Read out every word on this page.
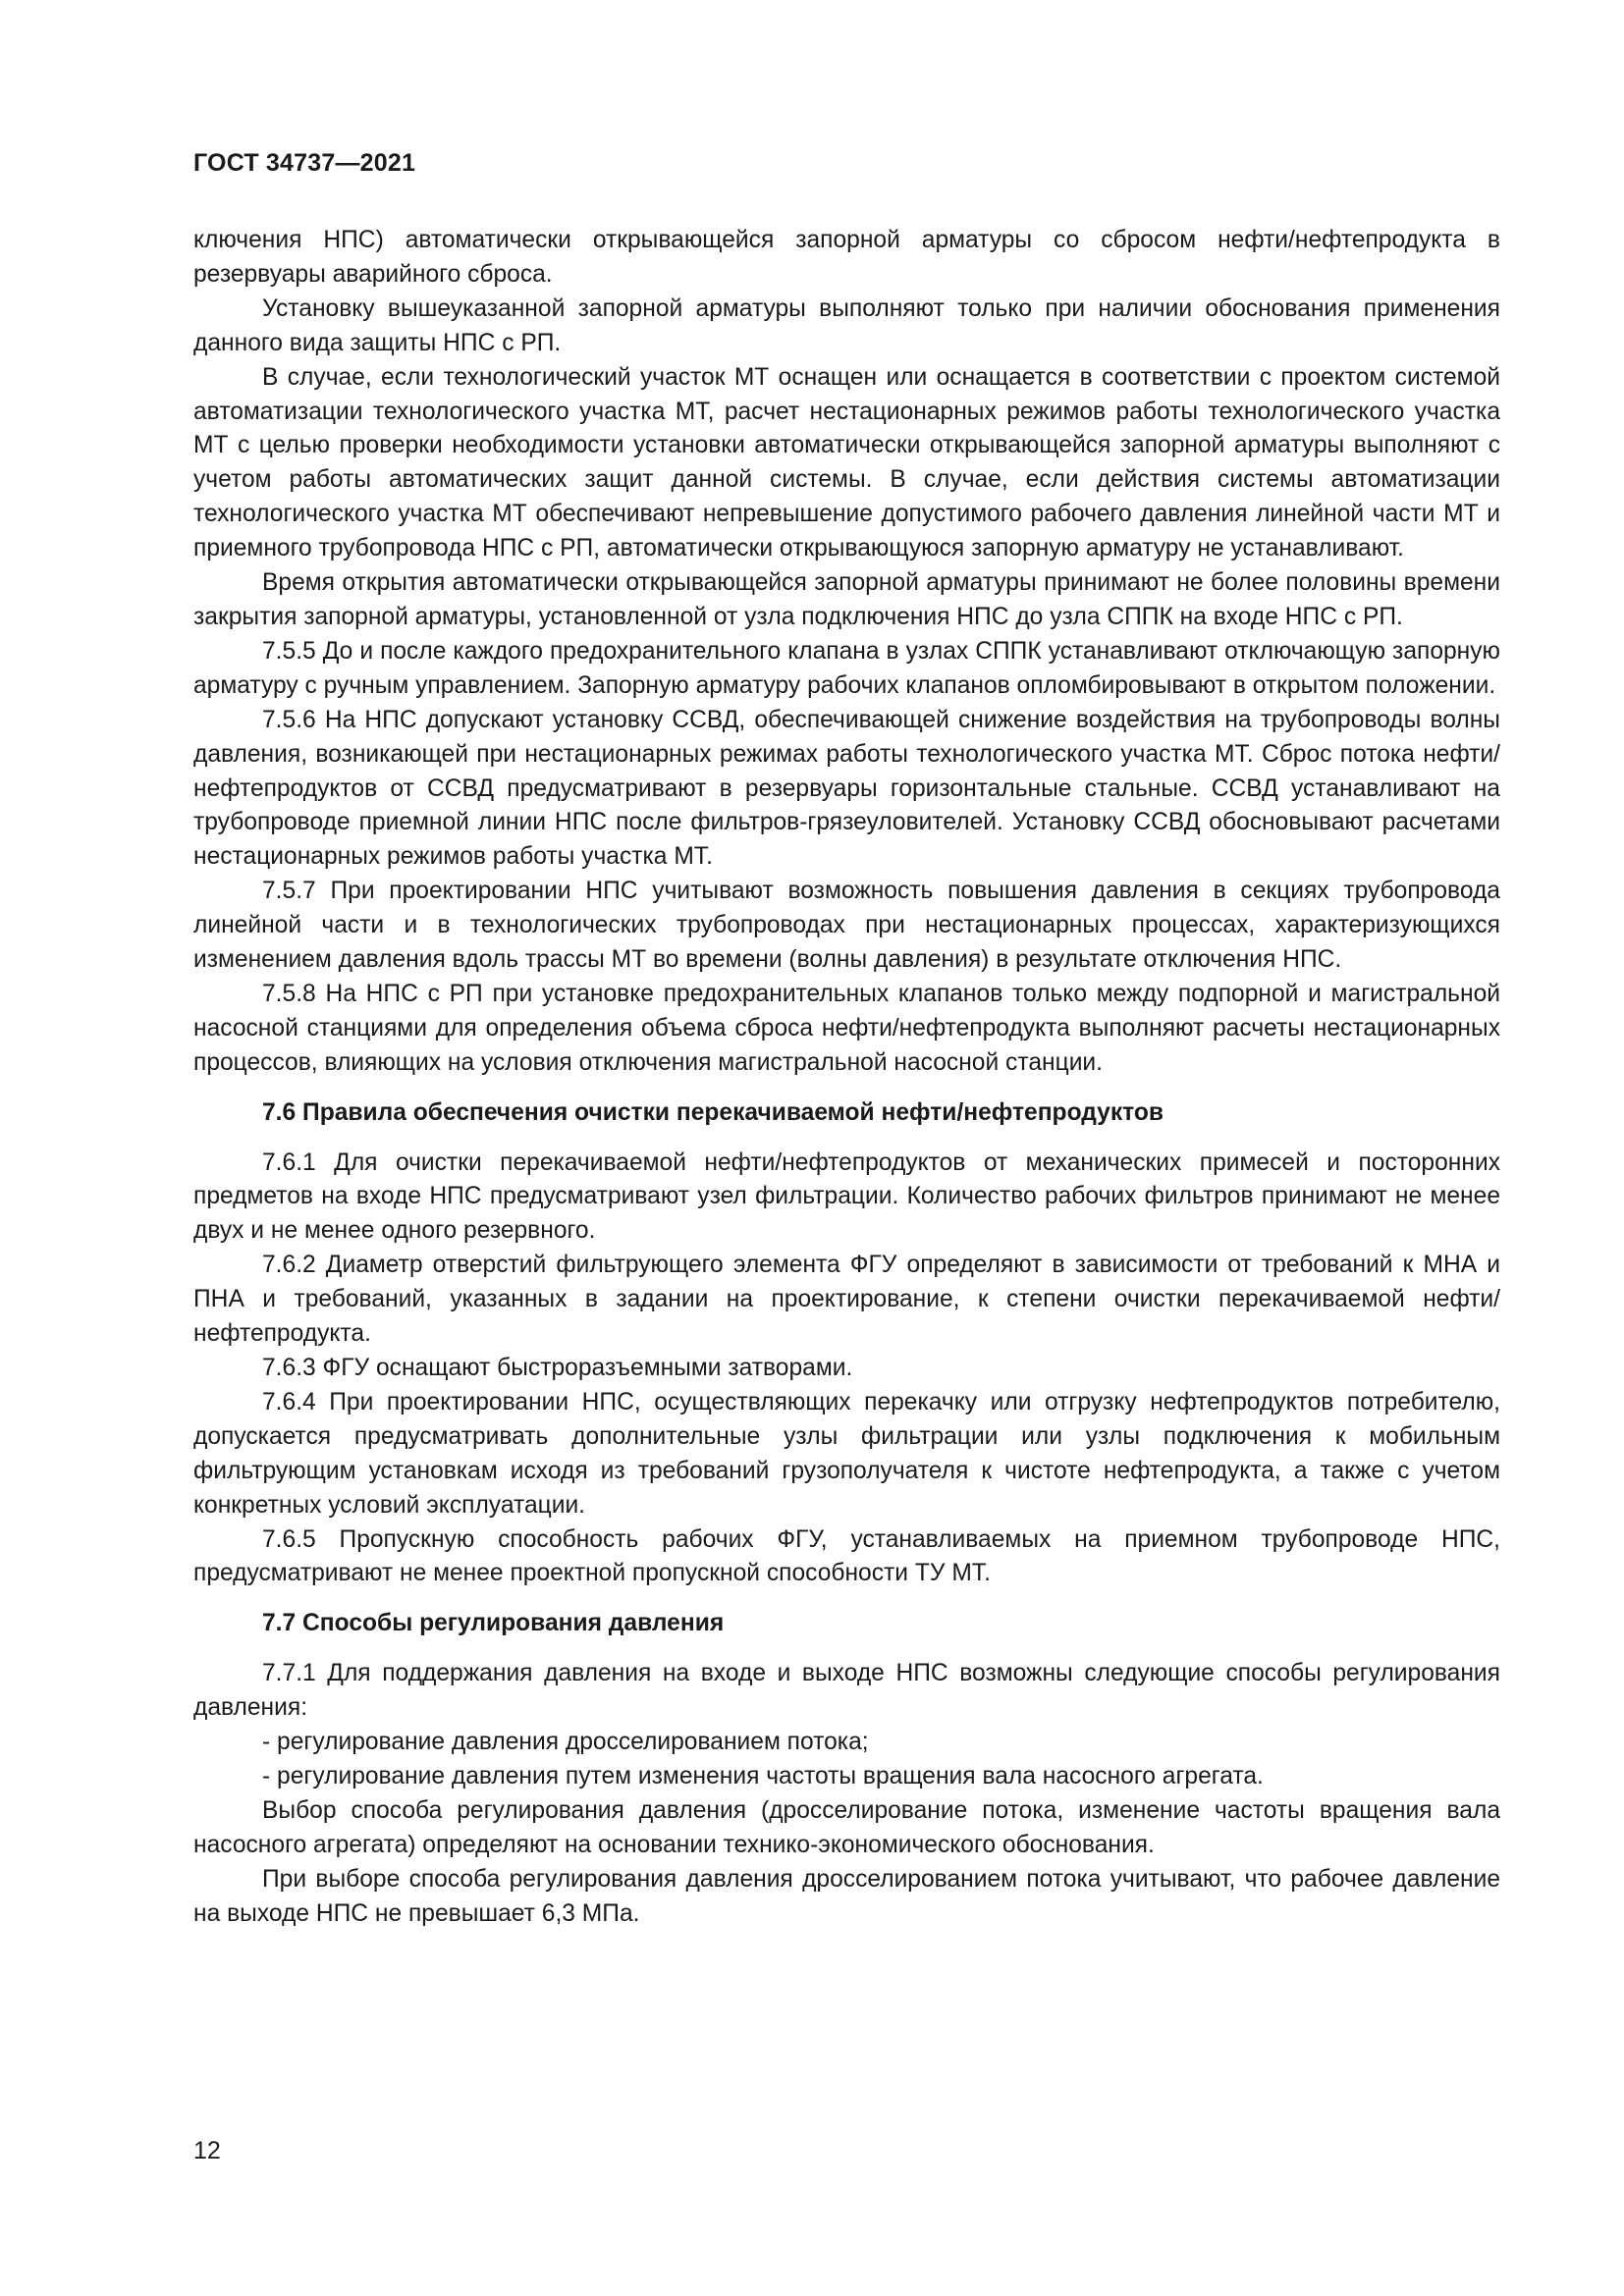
ГОСТ 34737—2021

ключения НПС) автоматически открывающейся запорной арматуры со сбросом нефти/нефтепродукта в резервуары аварийного сброса.

Установку вышеуказанной запорной арматуры выполняют только при наличии обоснования применения данного вида защиты НПС с РП.

В случае, если технологический участок МТ оснащен или оснащается в соответствии с проектом системой автоматизации технологического участка МТ, расчет нестационарных режимов работы технологического участка МТ с целью проверки необходимости установки автоматически открывающейся запорной арматуры выполняют с учетом работы автоматических защит данной системы. В случае, если действия системы автоматизации технологического участка МТ обеспечивают непревышение допустимого рабочего давления линейной части МТ и приемного трубопровода НПС с РП, автоматически открывающуюся запорную арматуру не устанавливают.

Время открытия автоматически открывающейся запорной арматуры принимают не более половины времени закрытия запорной арматуры, установленной от узла подключения НПС до узла СППК на входе НПС с РП.

7.5.5 До и после каждого предохранительного клапана в узлах СППК устанавливают отключающую запорную арматуру с ручным управлением. Запорную арматуру рабочих клапанов опломбировывают в открытом положении.

7.5.6 На НПС допускают установку ССВД, обеспечивающей снижение воздействия на трубопроводы волны давления, возникающей при нестационарных режимах работы технологического участка МТ. Сброс потока нефти/нефтепродуктов от ССВД предусматривают в резервуары горизонтальные стальные. ССВД устанавливают на трубопроводе приемной линии НПС после фильтров-грязеуловителей. Установку ССВД обосновывают расчетами нестационарных режимов работы участка МТ.

7.5.7 При проектировании НПС учитывают возможность повышения давления в секциях трубопровода линейной части и в технологических трубопроводах при нестационарных процессах, характеризующихся изменением давления вдоль трассы МТ во времени (волны давления) в результате отключения НПС.

7.5.8 На НПС с РП при установке предохранительных клапанов только между подпорной и магистральной насосной станциями для определения объема сброса нефти/нефтепродукта выполняют расчеты нестационарных процессов, влияющих на условия отключения магистральной насосной станции.

7.6 Правила обеспечения очистки перекачиваемой нефти/нефтепродуктов

7.6.1 Для очистки перекачиваемой нефти/нефтепродуктов от механических примесей и посторонних предметов на входе НПС предусматривают узел фильтрации. Количество рабочих фильтров принимают не менее двух и не менее одного резервного.

7.6.2 Диаметр отверстий фильтрующего элемента ФГУ определяют в зависимости от требований к МНА и ПНА и требований, указанных в задании на проектирование, к степени очистки перекачиваемой нефти/нефтепродукта.

7.6.3 ФГУ оснащают быстроразъемными затворами.

7.6.4 При проектировании НПС, осуществляющих перекачку или отгрузку нефтепродуктов потребителю, допускается предусматривать дополнительные узлы фильтрации или узлы подключения к мобильным фильтрующим установкам исходя из требований грузополучателя к чистоте нефтепродукта, а также с учетом конкретных условий эксплуатации.

7.6.5 Пропускную способность рабочих ФГУ, устанавливаемых на приемном трубопроводе НПС, предусматривают не менее проектной пропускной способности ТУ МТ.

7.7 Способы регулирования давления

7.7.1 Для поддержания давления на входе и выходе НПС возможны следующие способы регулирования давления:

- регулирование давления дросселированием потока;

- регулирование давления путем изменения частоты вращения вала насосного агрегата.

Выбор способа регулирования давления (дросселирование потока, изменение частоты вращения вала насосного агрегата) определяют на основании технико-экономического обоснования.

При выборе способа регулирования давления дросселированием потока учитывают, что рабочее давление на выходе НПС не превышает 6,3 МПа.

12
